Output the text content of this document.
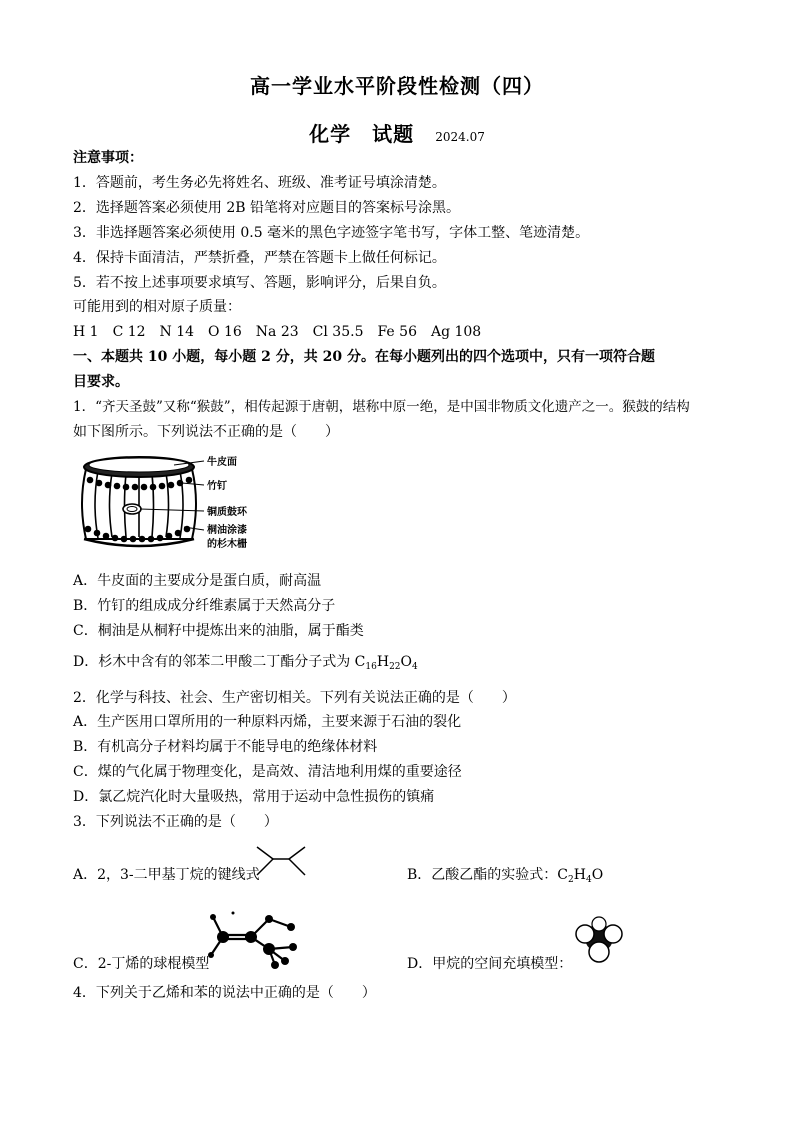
高一学业水平阶段性检测（四）
化学　试题 2024.07
注意事项：
1．答题前，考生务必先将姓名、班级、准考证号填涂清楚。
2．选择题答案必须使用 2B 铅笔将对应题目的答案标号涂黑。
3．非选择题答案必须使用 0.5 毫米的黑色字迹签字笔书写，字体工整、笔迹清楚。
4．保持卡面清洁，严禁折叠，严禁在答题卡上做任何标记。
5．若不按上述事项要求填写、答题，影响评分，后果自负。
可能用到的相对原子质量：
H 1　C 12　N 14　O 16　Na 23　Cl 35.5　Fe 56　Ag 108
一、本题共 10 小题，每小题 2 分，共 20 分。在每小题列出的四个选项中，只有一项符合题
目要求。
1．“齐天圣鼓”又称“猴鼓”，相传起源于唐朝，堪称中原一绝，是中国非物质文化遗产之一。猴鼓的结构
如下图所示。下列说法不正确的是（　　）
牛皮面
竹钉
铜质鼓环
桐油涂漆
的杉木栅
A．牛皮面的主要成分是蛋白质，耐高温
B．竹钉的组成成分纤维素属于天然高分子
C．桐油是从桐籽中提炼出来的油脂，属于酯类
D．杉木中含有的邻苯二甲酸二丁酯分子式为 $C_{16}H_{22}O_4$
2．化学与科技、社会、生产密切相关。下列有关说法正确的是（　　）
A．生产医用口罩所用的一种原料丙烯，主要来源于石油的裂化
B．有机高分子材料均属于不能导电的绝缘体材料
C．煤的气化属于物理变化，是高效、清洁地利用煤的重要途径
D．氯乙烷汽化时大量吸热，常用于运动中急性损伤的镇痛
3．下列说法不正确的是（　　）
A．2，3-二甲基丁烷的键线式	B．乙酸乙酯的实验式：$C_2H_4O$
C．2-丁烯的球棍模型	D．甲烷的空间充填模型：
4．下列关于乙烯和苯的说法中正确的是（　　）
